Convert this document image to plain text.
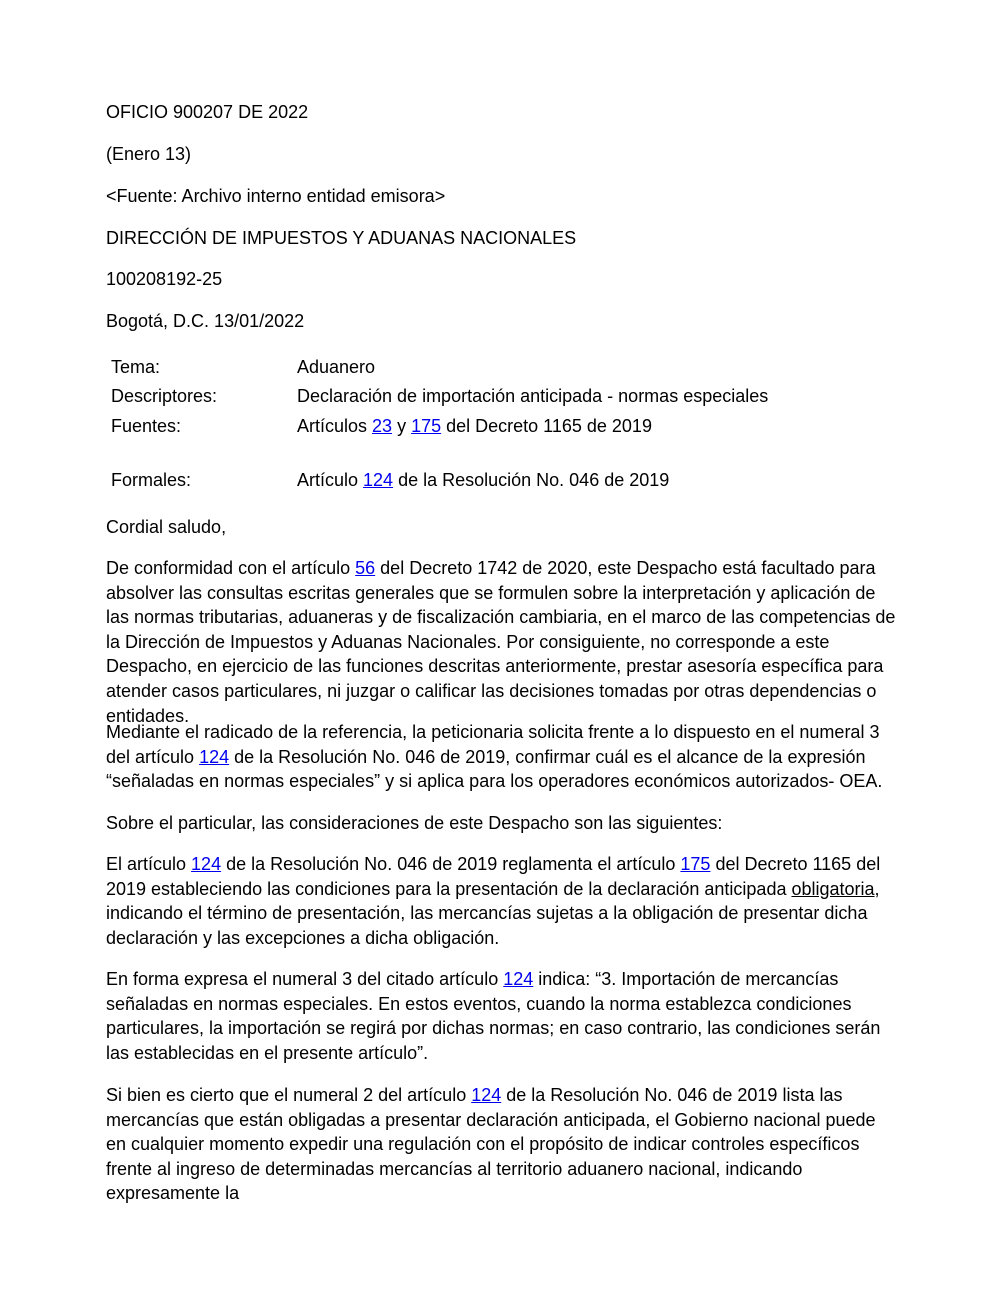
OFICIO 900207 DE 2022
(Enero 13)
<Fuente: Archivo interno entidad emisora>
DIRECCIÓN DE IMPUESTOS Y ADUANAS NACIONALES
100208192-25
Bogotá, D.C. 13/01/2022
Tema:	Aduanero
Descriptores:	Declaración de importación anticipada - normas especiales
Fuentes:	Artículos 23 y 175 del Decreto 1165 de 2019
Formales:	Artículo 124 de la Resolución No. 046 de 2019
Cordial saludo,
De conformidad con el artículo 56 del Decreto 1742 de 2020, este Despacho está facultado para absolver las consultas escritas generales que se formulen sobre la interpretación y aplicación de las normas tributarias, aduaneras y de fiscalización cambiaria, en el marco de las competencias de la Dirección de Impuestos y Aduanas Nacionales. Por consiguiente, no corresponde a este Despacho, en ejercicio de las funciones descritas anteriormente, prestar asesoría específica para atender casos particulares, ni juzgar o calificar las decisiones tomadas por otras dependencias o entidades.
Mediante el radicado de la referencia, la peticionaria solicita frente a lo dispuesto en el numeral 3 del artículo 124 de la Resolución No. 046 de 2019, confirmar cuál es el alcance de la expresión “señaladas en normas especiales” y si aplica para los operadores económicos autorizados- OEA.
Sobre el particular, las consideraciones de este Despacho son las siguientes:
El artículo 124 de la Resolución No. 046 de 2019 reglamenta el artículo 175 del Decreto 1165 del 2019 estableciendo las condiciones para la presentación de la declaración anticipada obligatoria, indicando el término de presentación, las mercancías sujetas a la obligación de presentar dicha declaración y las excepciones a dicha obligación.
En forma expresa el numeral 3 del citado artículo 124 indica: “3. Importación de mercancías señaladas en normas especiales. En estos eventos, cuando la norma establezca condiciones particulares, la importación se regirá por dichas normas; en caso contrario, las condiciones serán las establecidas en el presente artículo”.
Si bien es cierto que el numeral 2 del artículo 124 de la Resolución No. 046 de 2019 lista las mercancías que están obligadas a presentar declaración anticipada, el Gobierno nacional puede en cualquier momento expedir una regulación con el propósito de indicar controles específicos frente al ingreso de determinadas mercancías al territorio aduanero nacional, indicando expresamente la
